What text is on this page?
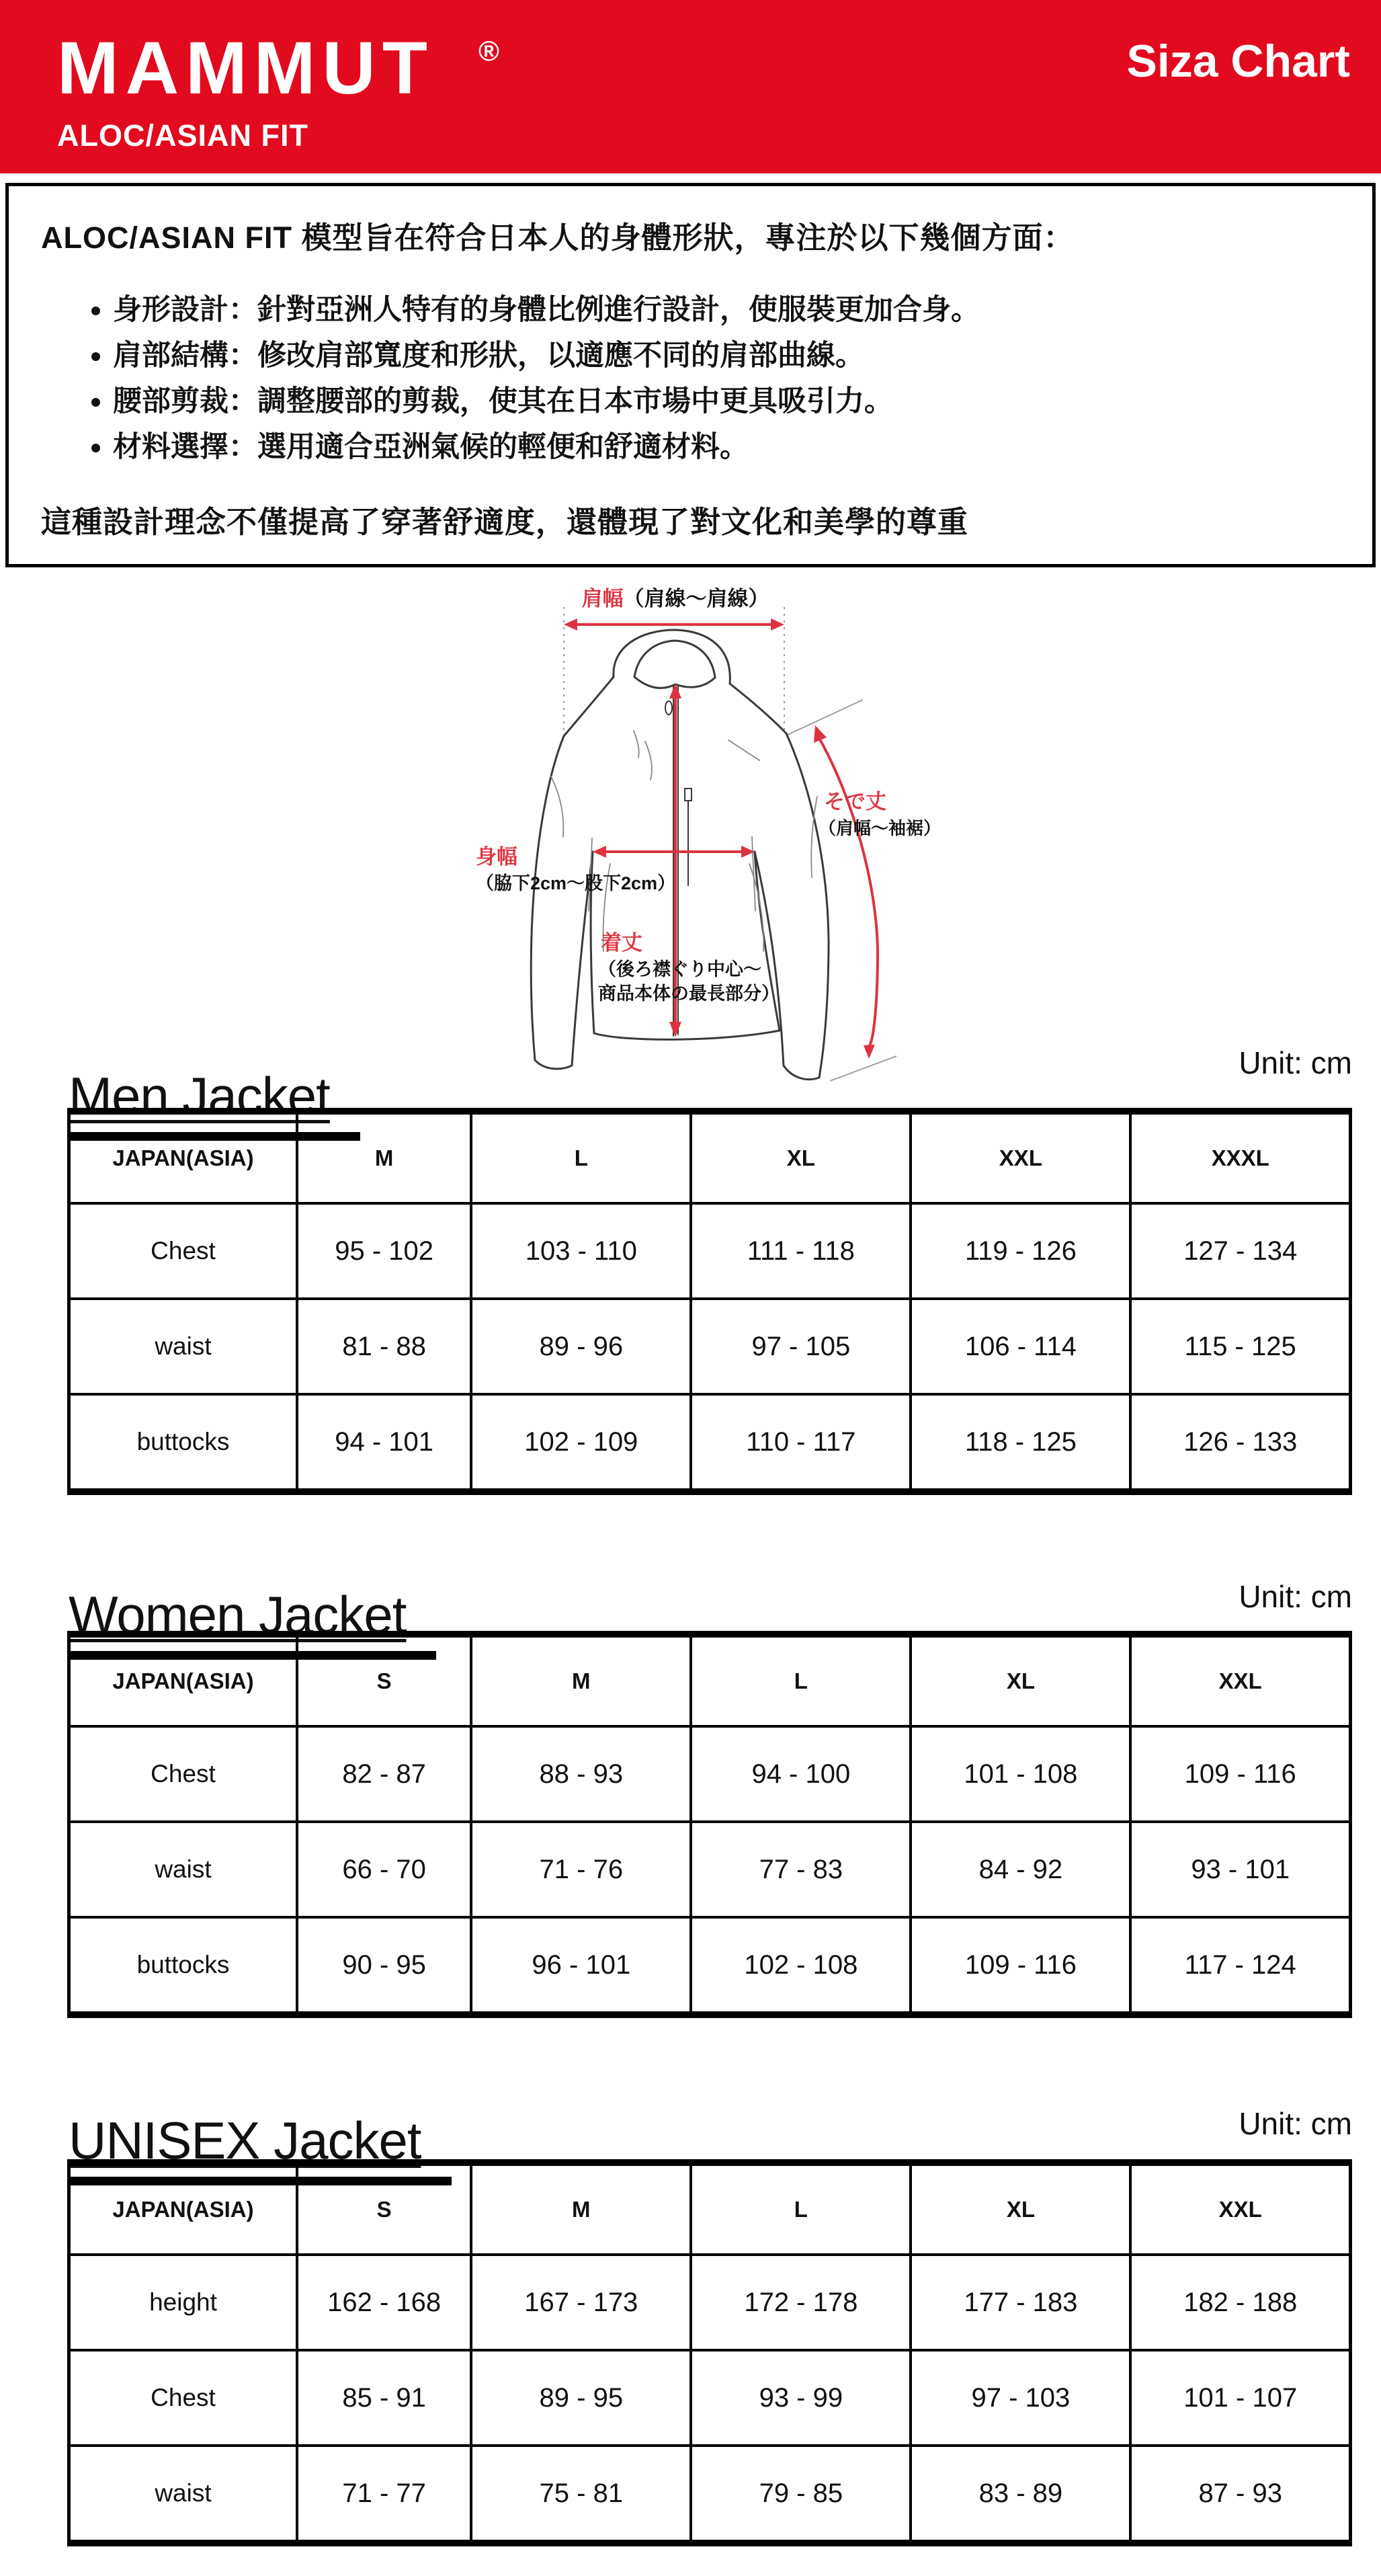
MAMMUT ®	Siza Chart
ALOC/ASIAN FIT

ALOC/ASIAN FIT 模型旨在符合日本人的身體形狀，專注於以下幾個方面：

• 身形設計：針對亞洲人特有的身體比例進行設計，使服裝更加合身。
• 肩部結構：修改肩部寬度和形狀，以適應不同的肩部曲線。
• 腰部剪裁：調整腰部的剪裁，使其在日本市場中更具吸引力。
• 材料選擇：選用適合亞洲氣候的輕便和舒適材料。

這種設計理念不僅提高了穿著舒適度，還體現了對文化和美學的尊重

肩幅（肩線～肩線）
身幅
（脇下2cm～股下2cm）
着丈
（後ろ襟ぐり中心～
商品本体の最長部分）
そで丈
（肩幅～袖裾）
Men Jacket
Unit: cm
JAPAN(ASIA)	M	L	XL	XXL	XXXL
Chest	95 - 102	103 - 110	111 - 118	119 - 126	127 - 134
waist	81 - 88	89 - 96	97 - 105	106 - 114	115 - 125
buttocks	94 - 101	102 - 109	110 - 117	118 - 125	126 - 133
Women Jacket	Unit: cm
JAPAN(ASIA)	S	M	L	XL	XXL
Chest	82 - 87	88 - 93	94 - 100	101 - 108	109 - 116
waist	66 - 70	71 - 76	77 - 83	84 - 92	93 - 101
buttocks	90 - 95	96 - 101	102 - 108	109 - 116	117 - 124
UNISEX Jacket	Unit: cm
JAPAN(ASIA)	S	M	L	XL	XXL
height	162 - 168	167 - 173	172 - 178	177 - 183	182 - 188
Chest	85 - 91	89 - 95	93 - 99	97 - 103	101 - 107
waist	71 - 77	75 - 81	79 - 85	83 - 89	87 - 93
